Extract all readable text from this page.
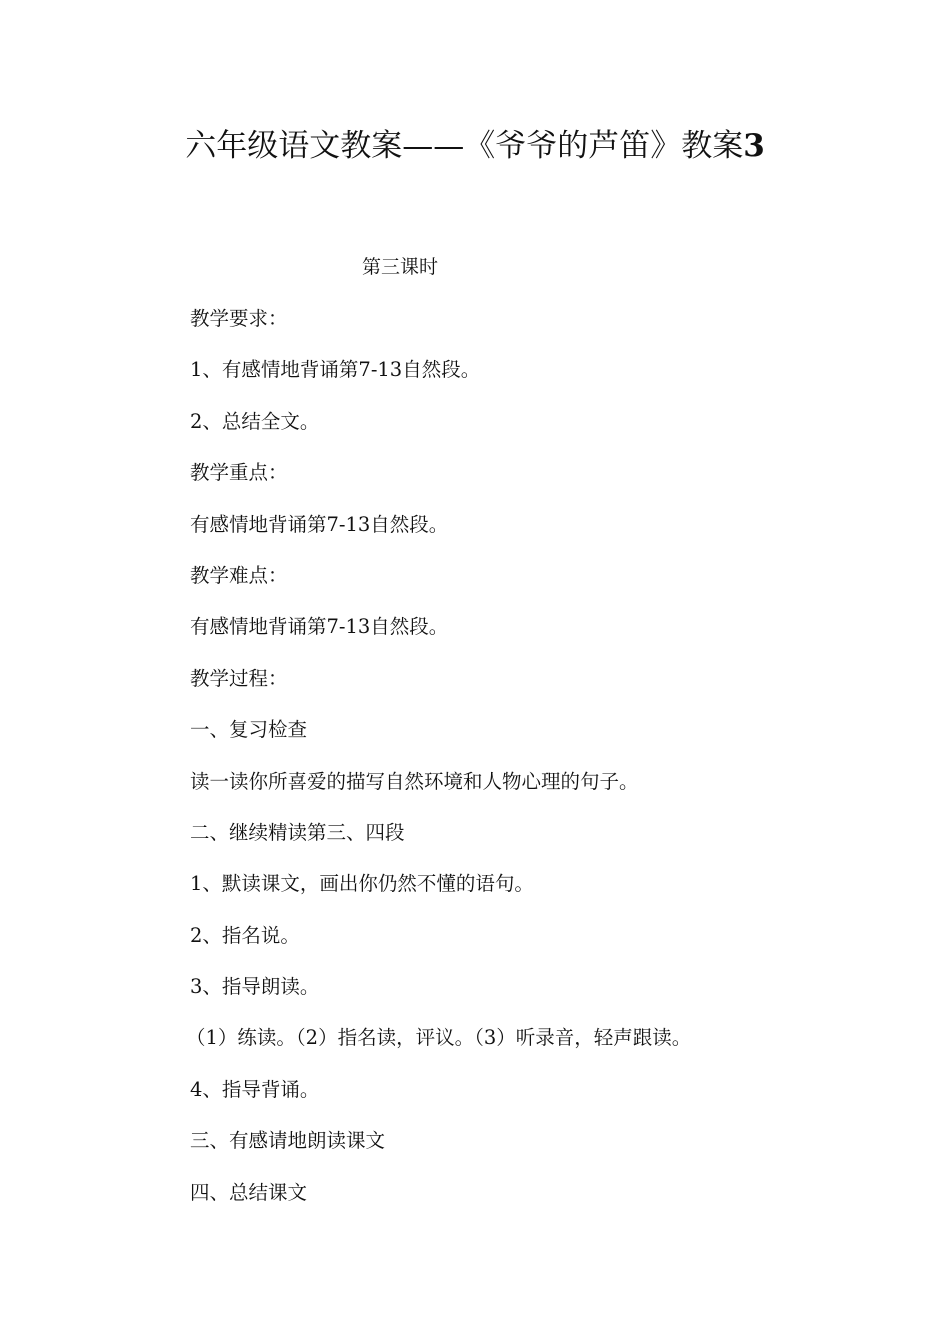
六年级语文教案——《爷爷的芦笛》教案3
第三课时
教学要求：
1、有感情地背诵第7-13自然段。
2、总结全文。
教学重点：
有感情地背诵第7-13自然段。
教学难点：
有感情地背诵第7-13自然段。
教学过程：
一、复习检查
读一读你所喜爱的描写自然环境和人物心理的句子。
二、继续精读第三、四段
1、默读课文，画出你仍然不懂的语句。
2、指名说。
3、指导朗读。
（1）练读。（2）指名读，评议。（3）听录音，轻声跟读。
4、指导背诵。
三、有感请地朗读课文
四、总结课文
